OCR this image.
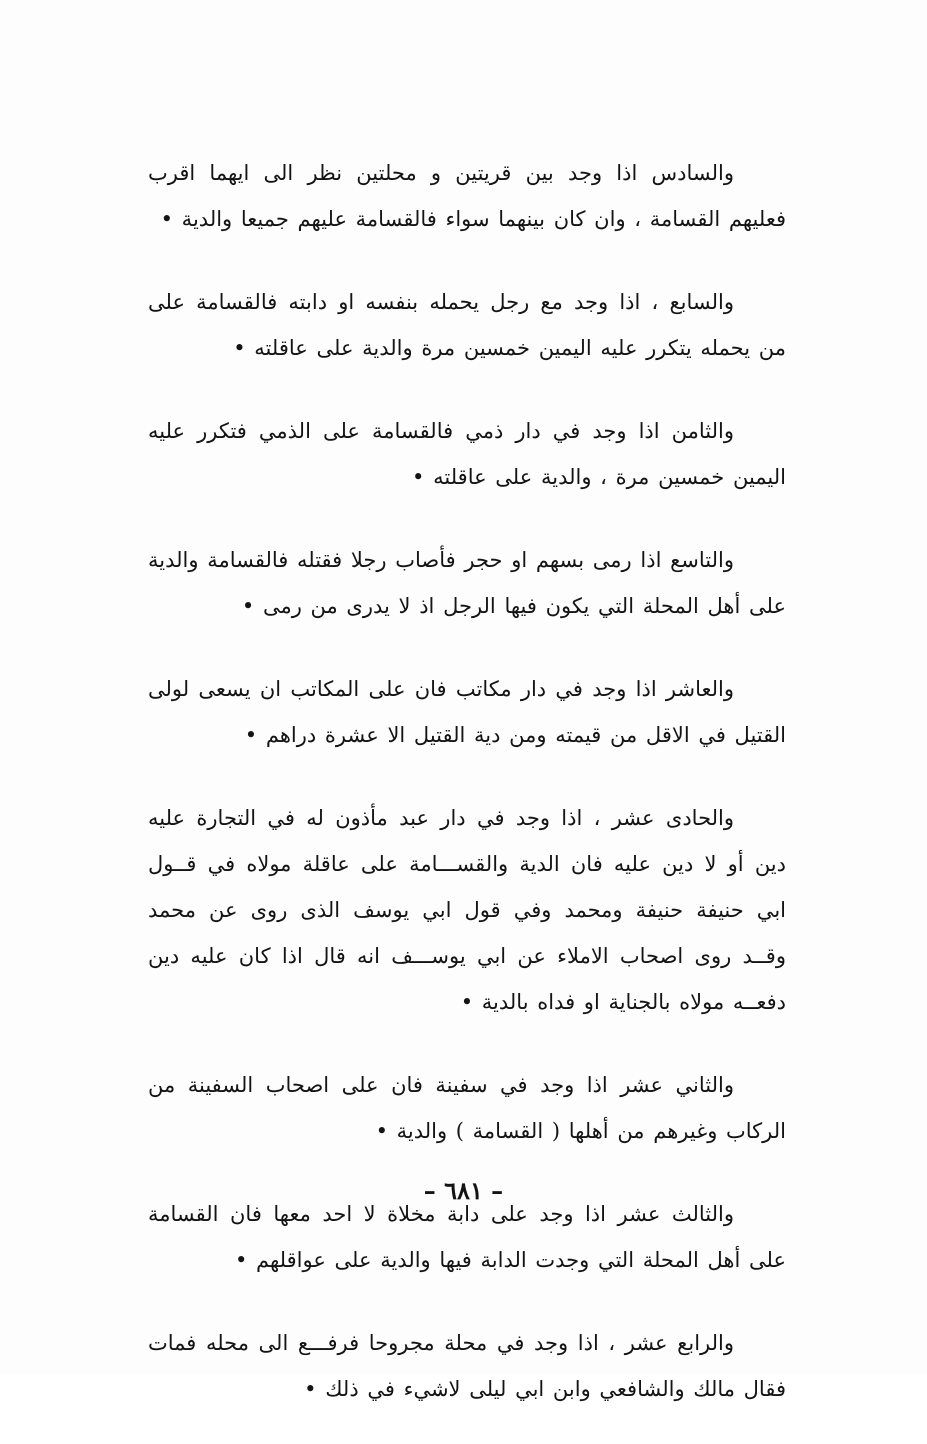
والسادس اذا وجد بين قريتين و محلتين نظر الى ايهما اقرب فعليهم القسامة ، وان كان بينهما سواء فالقسامة عليهم جميعا والدية •

والسابع ، اذا وجد مع رجل يحمله بنفسه او دابته فالقسامة على من يحمله يتكرر عليه اليمين خمسين مرة والدية على عاقلته •

والثامن اذا وجد في دار ذمي فالقسامة على الذمي فتكرر عليه اليمين خمسين مرة ، والدية على عاقلته •

والتاسع اذا رمى بسهم او حجر فأصاب رجلا فقتله فالقسامة والدية على أهل المحلة التي يكون فيها الرجل اذ لا يدرى من رمى •

والعاشر اذا وجد في دار مكاتب فان على المكاتب ان يسعى لولى القتيل في الاقل من قيمته ومن دية القتيل الا عشرة دراهم •

والحادى عشر ، اذا وجد في دار عبد مأذون له في التجارة عليه دين أو لا دين عليه فان الدية والقســـامة على عاقلة مولاه في قــول ابي حنيفة حنيفة ومحمد وفي قول ابي يوسف الذى روى عن محمد وقــد روى اصحاب الاملاء عن ابي يوســـف انه قال اذا كان عليه دين دفعــه مولاه بالجناية او فداه بالدية •

والثاني عشر اذا وجد في سفينة فان على اصحاب السفينة من الركاب وغيرهم من أهلها ( القسامة ) والدية •

والثالث عشر اذا وجد على دابة مخلاة لا احد معها فان القسامة على أهل المحلة التي وجدت الدابة فيها والدية على عواقلهم •

والرابع عشر ، اذا وجد في محلة مجروحا فرفـــع الى محله فمات فقال مالك والشافعي وابن ابي ليلى لاشيء في ذلك •

– ٦٨١ –
